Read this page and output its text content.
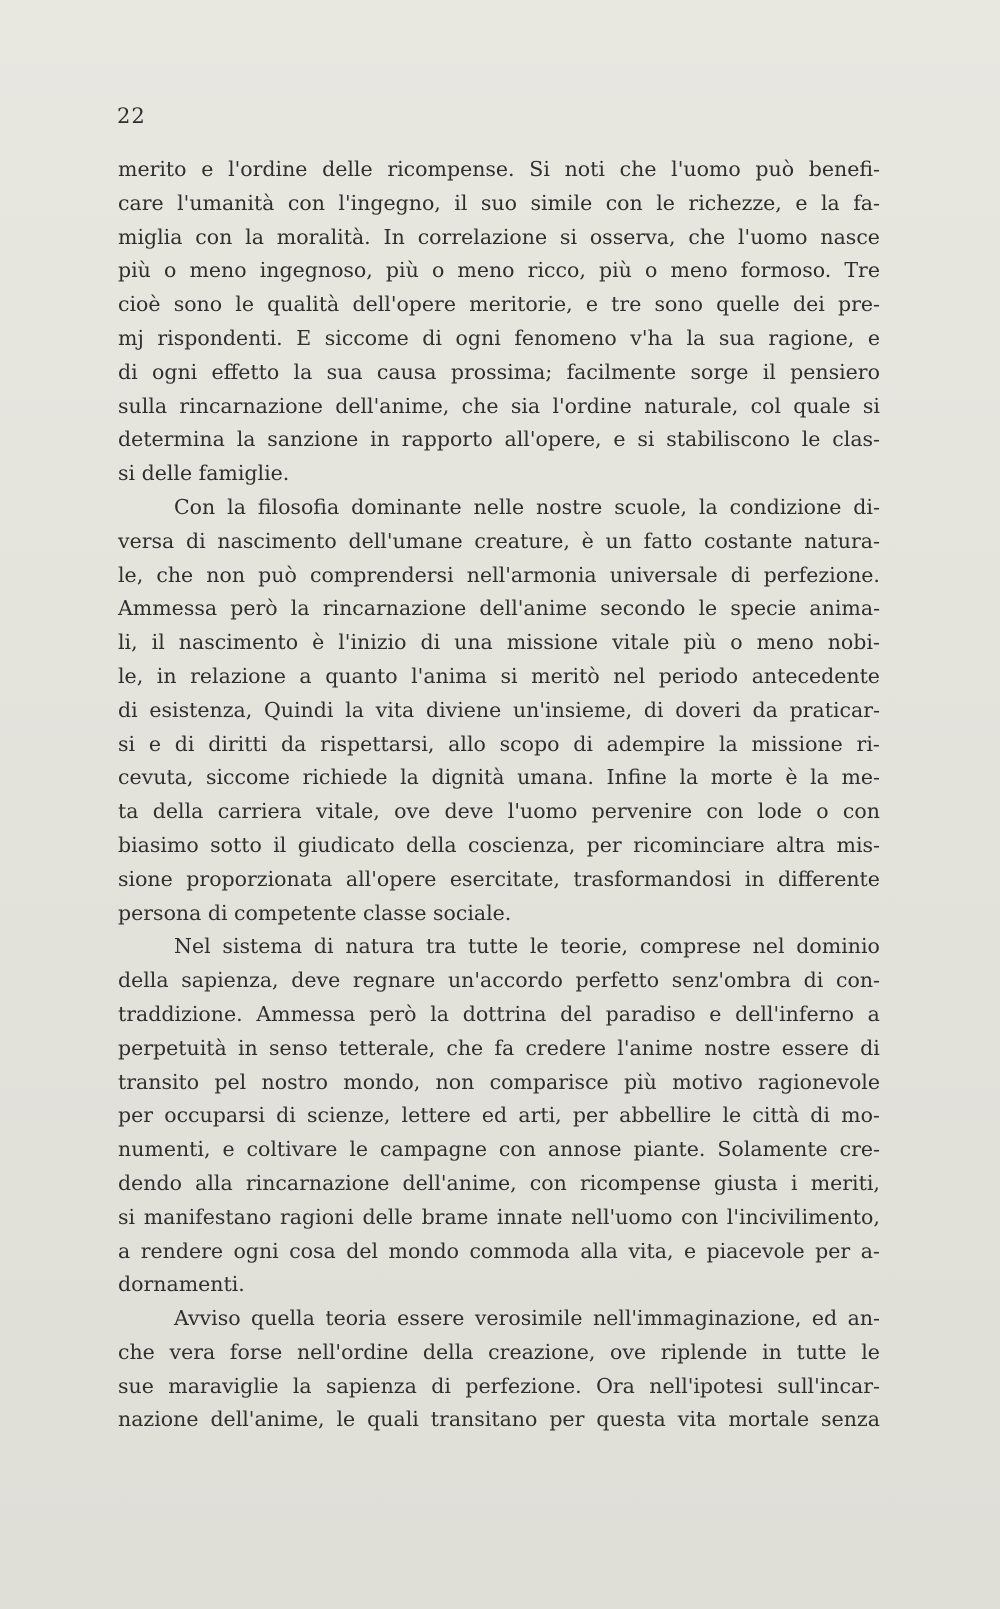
22
merito e l'ordine delle ricompense. Si noti che l'uomo può benefi-
care l'umanità con l'ingegno, il suo simile con le richezze, e la fa-
miglia con la moralità. In correlazione si osserva, che l'uomo nasce
più o meno ingegnoso, più o meno ricco, più o meno formoso. Tre
cioè sono le qualità dell'opere meritorie, e tre sono quelle dei pre-
mj rispondenti. E siccome di ogni fenomeno v'ha la sua ragione, e
di ogni effetto la sua causa prossima; facilmente sorge il pensiero
sulla rincarnazione dell'anime, che sia l'ordine naturale, col quale si
determina la sanzione in rapporto all'opere, e si stabiliscono le clas-
si delle famiglie.
Con la filosofia dominante nelle nostre scuole, la condizione di-
versa di nascimento dell'umane creature, è un fatto costante natura-
le, che non può comprendersi nell'armonia universale di perfezione.
Ammessa però la rincarnazione dell'anime secondo le specie anima-
li, il nascimento è l'inizio di una missione vitale più o meno nobi-
le, in relazione a quanto l'anima si meritò nel periodo antecedente
di esistenza, Quindi la vita diviene un'insieme, di doveri da praticar-
si e di diritti da rispettarsi, allo scopo di adempire la missione ri-
cevuta, siccome richiede la dignità umana. Infine la morte è la me-
ta della carriera vitale, ove deve l'uomo pervenire con lode o con
biasimo sotto il giudicato della coscienza, per ricominciare altra mis-
sione proporzionata all'opere esercitate, trasformandosi in differente
persona di competente classe sociale.
Nel sistema di natura tra tutte le teorie, comprese nel dominio
della sapienza, deve regnare un'accordo perfetto senz'ombra di con-
traddizione. Ammessa però la dottrina del paradiso e dell'inferno a
perpetuità in senso tetterale, che fa credere l'anime nostre essere di
transito pel nostro mondo, non comparisce più motivo ragionevole
per occuparsi di scienze, lettere ed arti, per abbellire le città di mo-
numenti, e coltivare le campagne con annose piante. Solamente cre-
dendo alla rincarnazione dell'anime, con ricompense giusta i meriti,
si manifestano ragioni delle brame innate nell'uomo con l'incivilimento,
a rendere ogni cosa del mondo commoda alla vita, e piacevole per a-
dornamenti.
Avviso quella teoria essere verosimile nell'immaginazione, ed an-
che vera forse nell'ordine della creazione, ove riplende in tutte le
sue maraviglie la sapienza di perfezione. Ora nell'ipotesi sull'incar-
nazione dell'anime, le quali transitano per questa vita mortale senza
